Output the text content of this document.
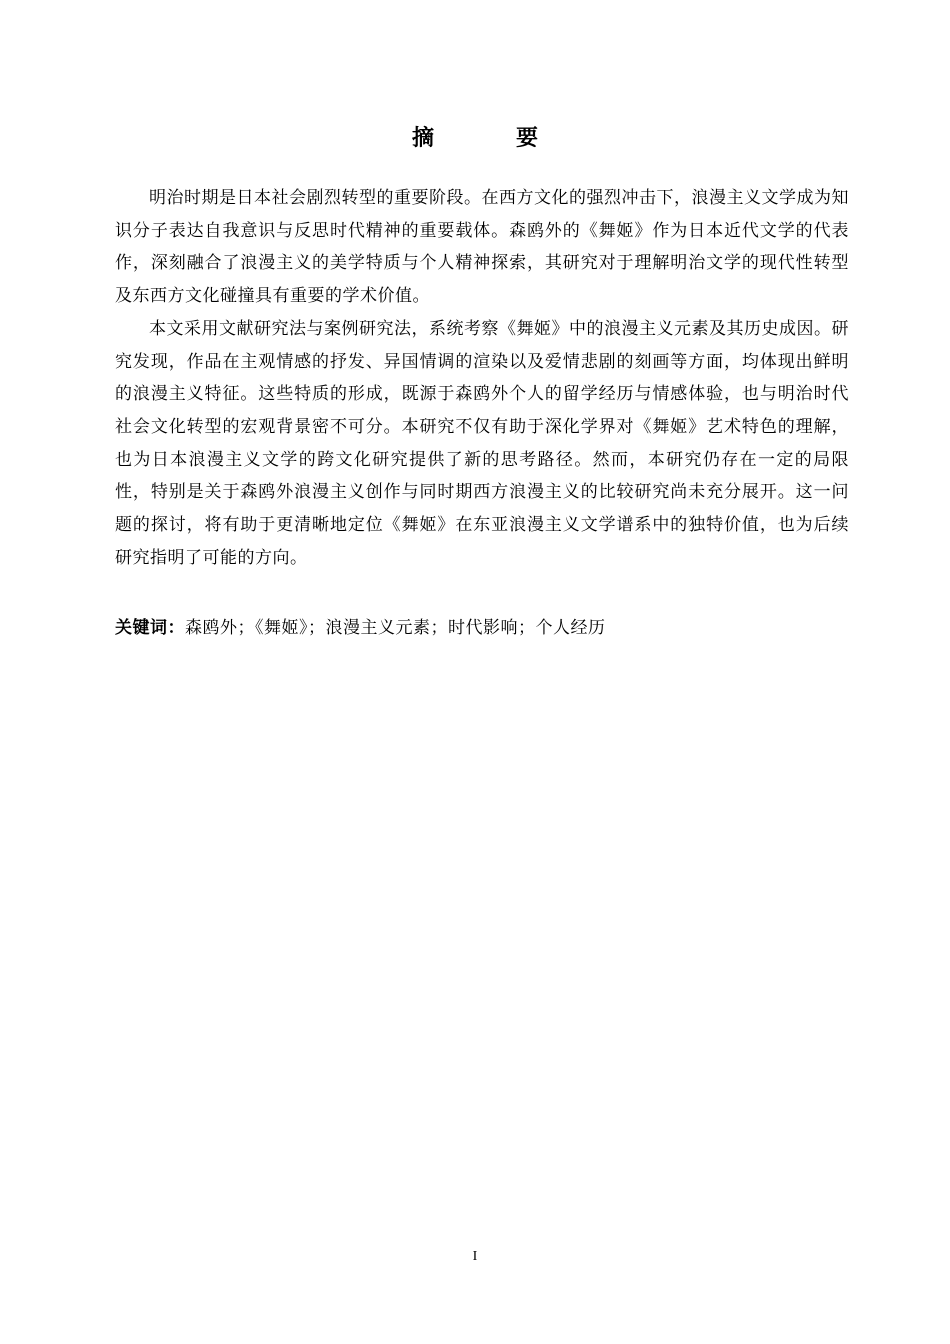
摘　要

明治时期是日本社会剧烈转型的重要阶段。在西方文化的强烈冲击下，浪漫主义文学成为知识分子表达自我意识与反思时代精神的重要载体。森鸥外的《舞姬》作为日本近代文学的代表作，深刻融合了浪漫主义的美学特质与个人精神探索，其研究对于理解明治文学的现代性转型及东西方文化碰撞具有重要的学术价值。

本文采用文献研究法与案例研究法，系统考察《舞姬》中的浪漫主义元素及其历史成因。研究发现，作品在主观情感的抒发、异国情调的渲染以及爱情悲剧的刻画等方面，均体现出鲜明的浪漫主义特征。这些特质的形成，既源于森鸥外个人的留学经历与情感体验，也与明治时代社会文化转型的宏观背景密不可分。本研究不仅有助于深化学界对《舞姬》艺术特色的理解，也为日本浪漫主义文学的跨文化研究提供了新的思考路径。然而，本研究仍存在一定的局限性，特别是关于森鸥外浪漫主义创作与同时期西方浪漫主义的比较研究尚未充分展开。这一问题的探讨，将有助于更清晰地定位《舞姬》在东亚浪漫主义文学谱系中的独特价值，也为后续研究指明了可能的方向。

关键词：森鸥外；《舞姬》；浪漫主义元素；时代影响；个人经历
I
